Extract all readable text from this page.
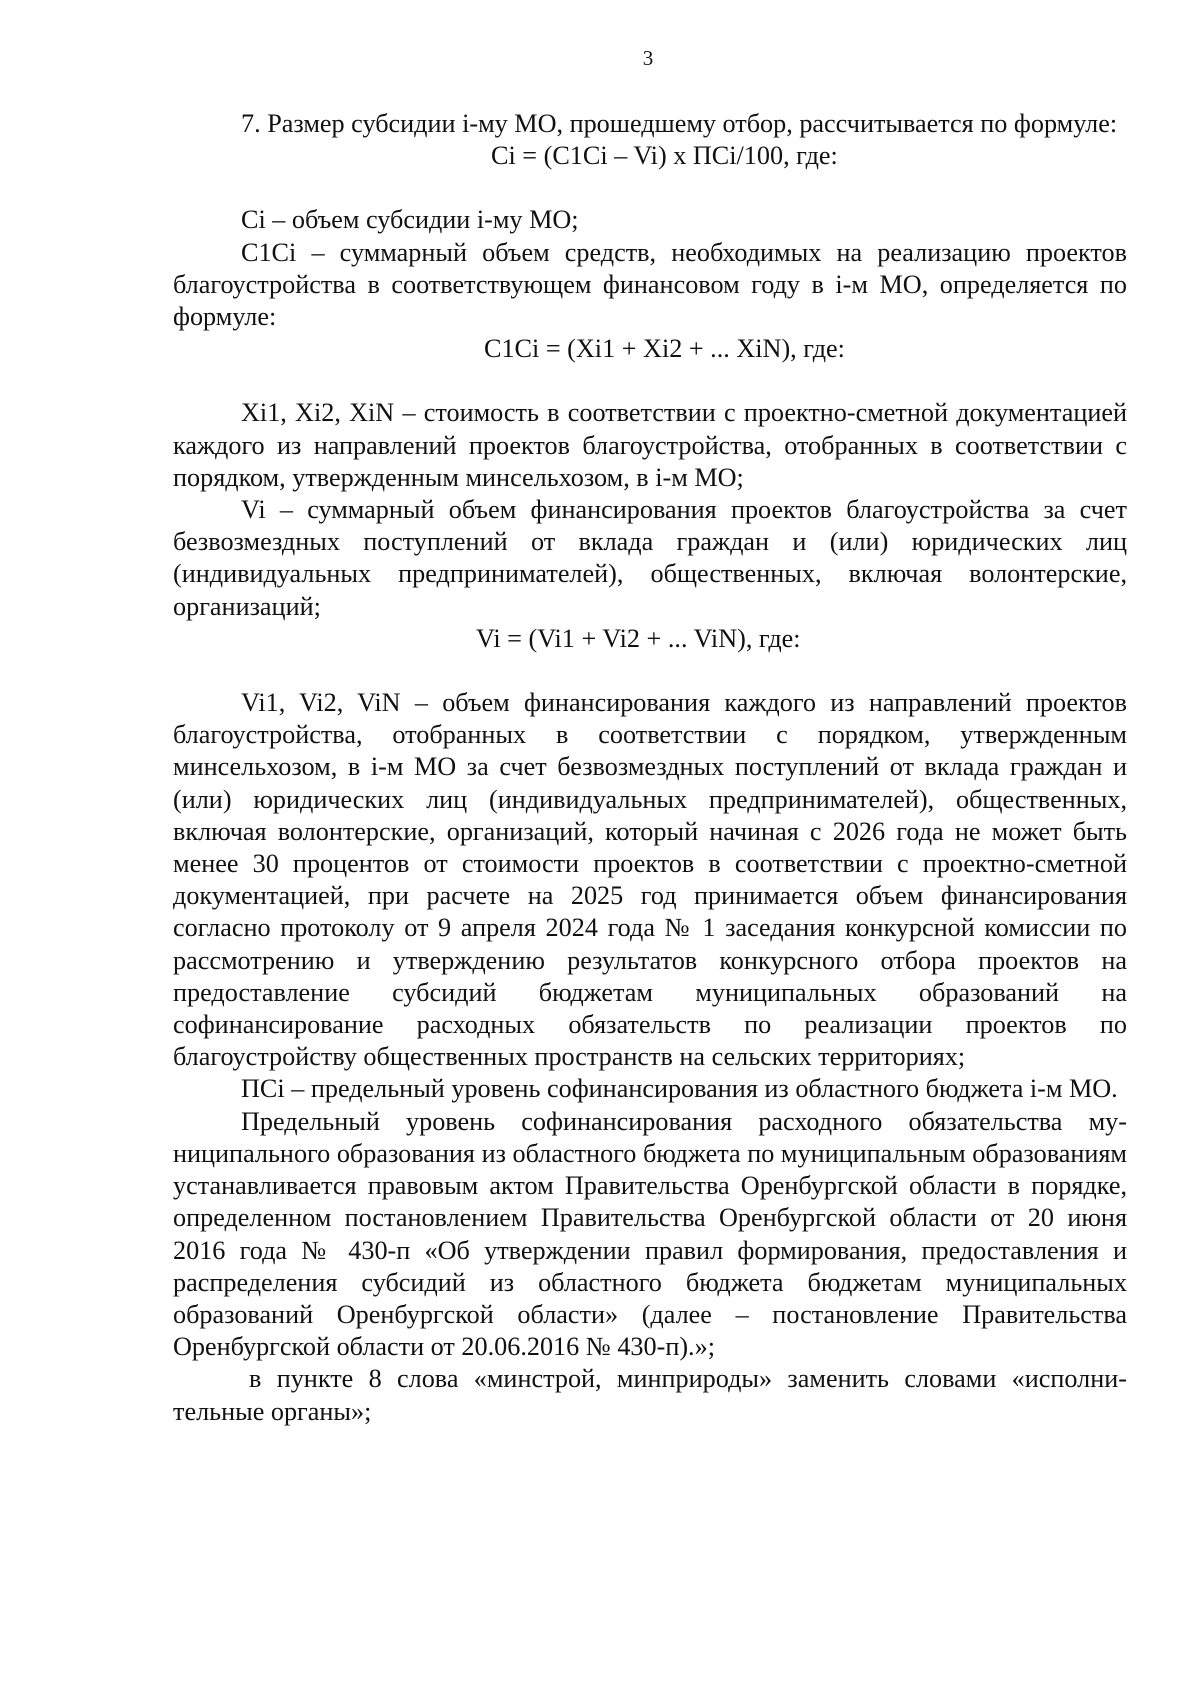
3

7. Размер субсидии i-му МО, прошедшему отбор, рассчитывается по формуле:

Ci = (C1Ci – Vi) x ПСi/100, где:

Ci – объем субсидии i-му МО;

C1Ci – суммарный объем средств, необходимых на реализацию проектов благоустройства в соответствующем финансовом году в i-м МО, определяется по формуле:

C1Ci = (Xi1 + Xi2 + ... XiN), где:

Xi1, Xi2, XiN – стоимость в соответствии с проектно-сметной документацией каждого из направлений проектов благоустройства, отобранных в соответствии с порядком, утвержденным минсельхозом, в i-м МО;

Vi – суммарный объем финансирования проектов благоустройства за счет безвозмездных поступлений от вклада граждан и (или) юридических лиц (индивидуальных предпринимателей), общественных, включая волонтерские, организаций;

Vi = (Vi1 + Vi2 + ... ViN), где:

Vi1, Vi2, ViN – объем финансирования каждого из направлений проектов благоустройства, отобранных в соответствии с порядком, утвержденным минсельхозом, в i-м МО за счет безвозмездных поступлений от вклада граждан и (или) юридических лиц (индивидуальных предпринимателей), общественных, включая волонтерские, организаций, который начиная с 2026 года не может быть менее 30 процентов от стоимости проектов в соответствии с проектно-сметной документацией, при расчете на 2025 год принимается объем финансирования согласно протоколу от 9 апреля 2024 года № 1 заседания конкурсной комиссии по рассмотрению и утверждению результатов конкурсного отбора проектов на предоставление субсидий бюджетам муниципальных образований на софинансирование расходных обязательств по реализации проектов по благоустройству общественных пространств на сельских территориях;

ПСi – предельный уровень софинансирования из областного бюджета i-м МО.

Предельный уровень софинансирования расходного обязательства муниципального образования из областного бюджета по муниципальным образованиям устанавливается правовым актом Правительства Оренбургской области в порядке, определенном постановлением Правительства Оренбургской области от 20 июня 2016 года № 430-п «Об утверждении правил формирования, предоставления и распределения субсидий из областного бюджета бюджетам муниципальных образований Оренбургской области» (далее – постановление Правительства Оренбургской области от 20.06.2016 № 430-п).»;

в пункте 8 слова «минстрой, минприроды» заменить словами «исполнительные органы»;
